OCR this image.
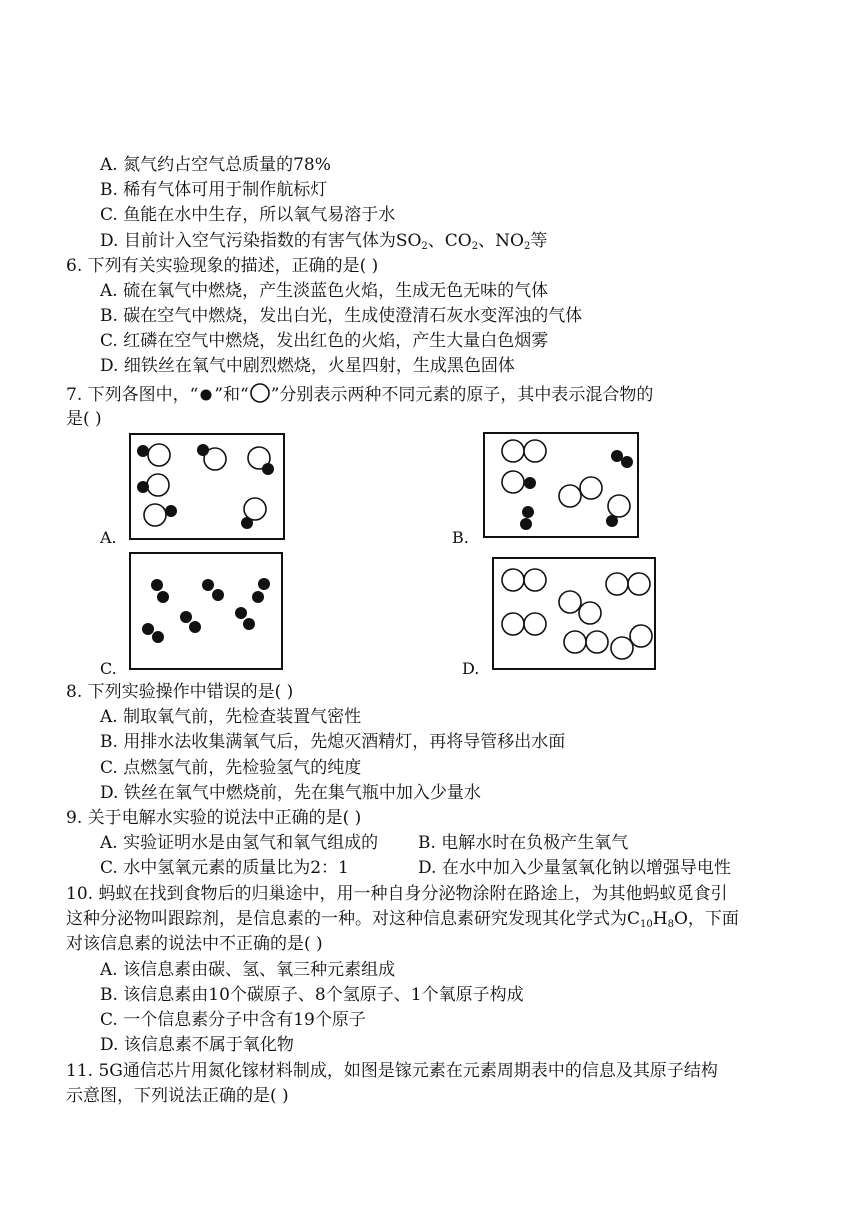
A. 氮气约占空气总质量的78%
B. 稀有气体可用于制作航标灯
C. 鱼能在水中生存，所以氧气易溶于水
D. 目前计入空气污染指数的有害气体为$SO_2$、$CO_2$、$NO_2$等
6. 下列有关实验现象的描述，正确的是( )
A. 硫在氧气中燃烧，产生淡蓝色火焰，生成无色无味的气体
B. 碳在空气中燃烧，发出白光，生成使澄清石灰水变浑浊的气体
C. 红磷在空气中燃烧，发出红色的火焰，产生大量白色烟雾
D. 细铁丝在氧气中剧烈燃烧，火星四射，生成黑色固体
7. 下列各图中，“ ”和“ ”分别表示两种不同元素的原子，其中表示混合物的
是( )
A.	B.
C.	D.
8. 下列实验操作中错误的是( )
A. 制取氧气前，先检查装置气密性
B. 用排水法收集满氧气后，先熄灭酒精灯，再将导管移出水面
C. 点燃氢气前，先检验氢气的纯度
D. 铁丝在氧气中燃烧前，先在集气瓶中加入少量水
9. 关于电解水实验的说法中正确的是( )
A. 实验证明水是由氢气和氧气组成的 B. 电解水时在负极产生氧气
C. 水中氢氧元素的质量比为2：1	D. 在水中加入少量氢氧化钠以增强导电性
10. 蚂蚁在找到食物后的归巢途中，用一种自身分泌物涂附在路途上，为其他蚂蚁觅食引
这种分泌物叫跟踪剂，是信息素的一种。对这种信息素研究发现其化学式为$C_{10}H_8O$，下面
对该信息素的说法中不正确的是( )
A. 该信息素由碳、氢、氧三种元素组成
B. 该信息素由10个碳原子、8个氢原子、1个氧原子构成
C. 一个信息素分子中含有19个原子
D. 该信息素不属于氧化物
11. 5G通信芯片用氮化镓材料制成，如图是镓元素在元素周期表中的信息及其原子结构
示意图，下列说法正确的是( )
